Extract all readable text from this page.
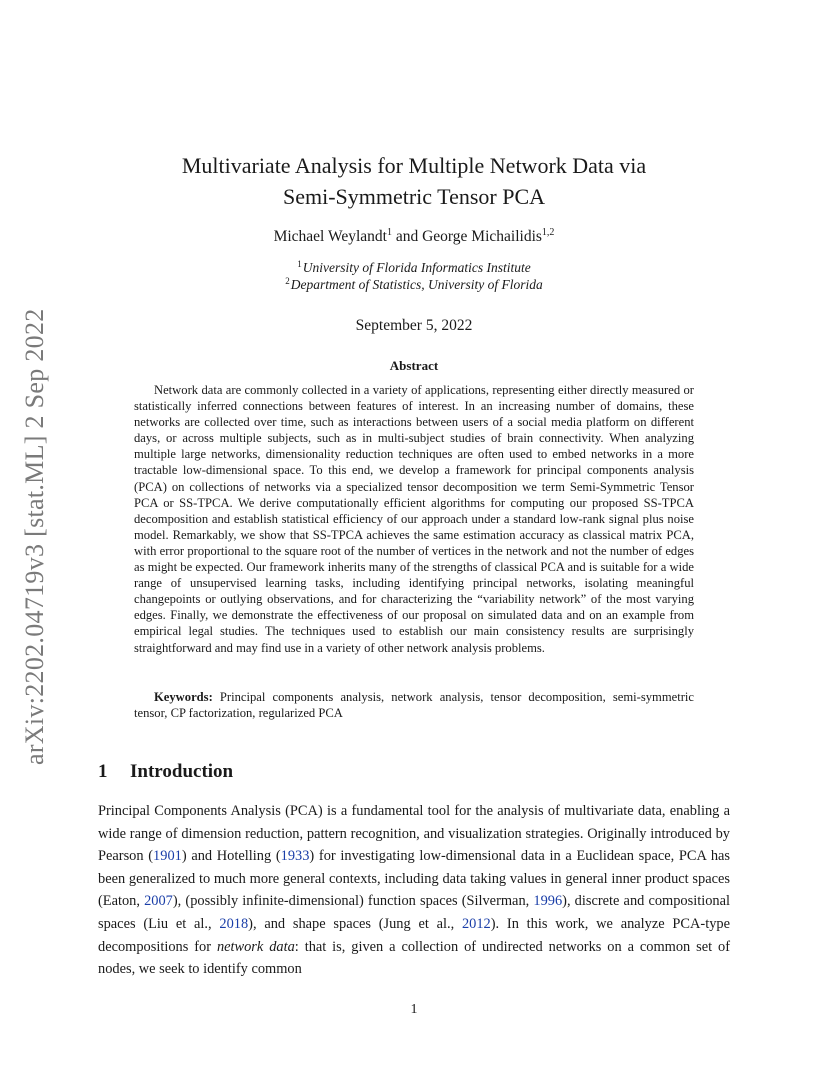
arXiv:2202.04719v3 [stat.ML] 2 Sep 2022
Multivariate Analysis for Multiple Network Data via
Semi-Symmetric Tensor PCA
Michael Weylandt$^1$ and George Michailidis$^{1,2}$
$^1$University of Florida Informatics Institute
$^2$Department of Statistics, University of Florida
September 5, 2022
Abstract

Network data are commonly collected in a variety of applications, representing either directly measured or statistically inferred connections between features of interest. In an increasing number of domains, these networks are collected over time, such as interactions between users of a social media platform on different days, or across multiple subjects, such as in multi-subject studies of brain connectivity. When analyzing multiple large networks, dimensionality reduction techniques are often used to embed networks in a more tractable low-dimensional space. To this end, we develop a framework for principal components analysis (PCA) on collections of networks via a specialized tensor decomposition we term Semi-Symmetric Tensor PCA or SS-TPCA. We derive computationally efficient algorithms for computing our proposed SS-TPCA decomposition and establish statistical efficiency of our approach under a standard low-rank signal plus noise model. Remarkably, we show that SS-TPCA achieves the same estimation accuracy as classical matrix PCA, with error proportional to the square root of the number of vertices in the network and not the number of edges as might be expected. Our framework inherits many of the strengths of classical PCA and is suitable for a wide range of unsupervised learning tasks, including identifying principal networks, isolating meaningful changepoints or outlying observations, and for characterizing the “variability network” of the most varying edges. Finally, we demonstrate the effectiveness of our proposal on simulated data and on an example from empirical legal studies. The techniques used to establish our main consistency results are surprisingly straightforward and may find use in a variety of other network analysis problems.

Keywords: Principal components analysis, network analysis, tensor decomposition, semi-symmetric tensor, CP factorization, regularized PCA

1 Introduction

Principal Components Analysis (PCA) is a fundamental tool for the analysis of multivariate data, enabling a wide range of dimension reduction, pattern recognition, and visualization strategies. Originally introduced by Pearson (1901) and Hotelling (1933) for investigating low-dimensional data in a Euclidean space, PCA has been generalized to much more general contexts, including data taking values in general inner product spaces (Eaton, 2007), (possibly infinite-dimensional) function spaces (Silverman, 1996), discrete and compositional spaces (Liu et al., 2018), and shape spaces (Jung et al., 2012). In this work, we analyze PCA-type decompositions for network data: that is, given a collection of undirected networks on a common set of nodes, we seek to identify common

1
